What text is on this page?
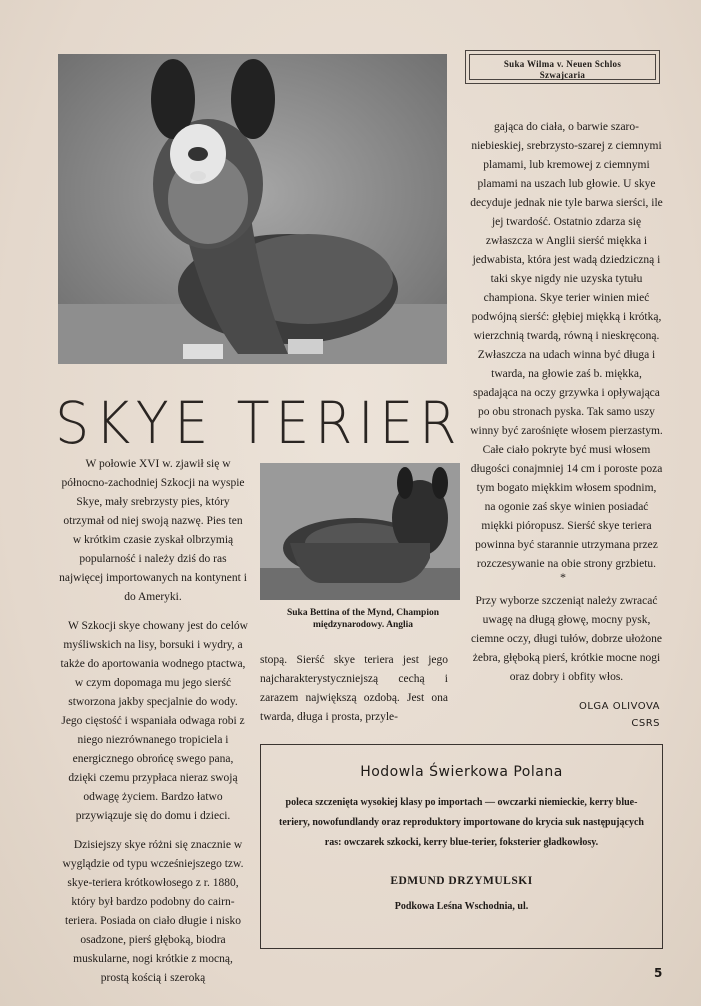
Suka Wilma v. Neuen Schlos
Szwajcaria

gająca do ciała, o barwie szaro-niebieskiej, srebrzysto-szarej z ciemnymi plamami, lub kremowej z ciemnymi plamami na uszach lub głowie. U skye decyduje jednak nie tyle barwa sierści, ile jej twardość. Ostatnio zdarza się zwłaszcza w Anglii sierść miękka i jedwabista, która jest wadą dziedziczną i taki skye nigdy nie uzyska tytułu championa. Skye terier winien mieć podwójną sierść: głębiej miękką i krótką, wierzchnią twardą, równą i nieskręconą. Zwłaszcza na udach winna być długa i twarda, na głowie zaś b. miękka, spadająca na oczy grzywka i opływająca po obu stronach pyska. Tak samo uszy winny być zarośnięte włosem pierzastym. Całe ciało pokryte być musi włosem długości conajmniej 14 cm i poroste poza tym bogato miękkim włosem spodnim, na ogonie zaś skye winien posiadać miękki pióropusz. Sierść skye teriera powinna być starannie utrzymana przez rozczesywanie na obie strony grzbietu.

SKYE TERIER

W połowie XVI w. zjawił się w północno-zachodniej Szkocji na wyspie Skye, mały srebrzysty pies, który otrzymał od niej swoją nazwę. Pies ten w krótkim czasie zyskał olbrzymią popularność i należy dziś do ras najwięcej importowanych na kontynent i do Ameryki.

W Szkocji skye chowany jest do celów myśliwskich na lisy, borsuki i wydry, a także do aportowania wodnego ptactwa, w czym dopomaga mu jego sierść stworzona jakby specjalnie do wody. Jego cięstość i wspaniała odwaga robi z niego niezrównanego tropiciela i energicznego obrońcę swego pana, dzięki czemu przypłaca nieraz swoją odwagę życiem. Bardzo łatwo przywiązuje się do domu i dzieci.

Dzisiejszy skye różni się znacznie w wyglądzie od typu wcześniejszego tzw. skye-teriera krótkowłosego z r. 1880, który był bardzo podobny do cairn-teriera. Posiada on ciało długie i nisko osadzone, pierś głęboką, biodra muskularne, nogi krótkie z mocną, prostą kością i szeroką

Suka Bettina of the Mynd, Champion
międzynarodowy. Anglia

stopą. Sierść skye teriera jest jego najcharakterystyczniejszą cechą i zarazem największą ozdobą. Jest ona twarda, długa i prosta, przyle-

*

Przy wyborze szczeniąt należy zwracać uwagę na długą głowę, mocny pysk, ciemne oczy, długi tułów, dobrze ułożone żebra, głęboką pierś, krótkie mocne nogi oraz dobry i obfity włos.

OLGA OLIVOVA
CSRS
Hodowla Świerkowa Polana
poleca szczenięta wysokiej klasy po importach — owczarki niemieckie, kerry blue-teriery, nowofundlandy oraz reproduktory importowane do krycia suk następujących ras: owczarek szkocki, kerry blue-terier, foksterier gładkowłosy.
EDMUND DRZYMULSKI
Podkowa Leśna Wschodnia, ul.
5
